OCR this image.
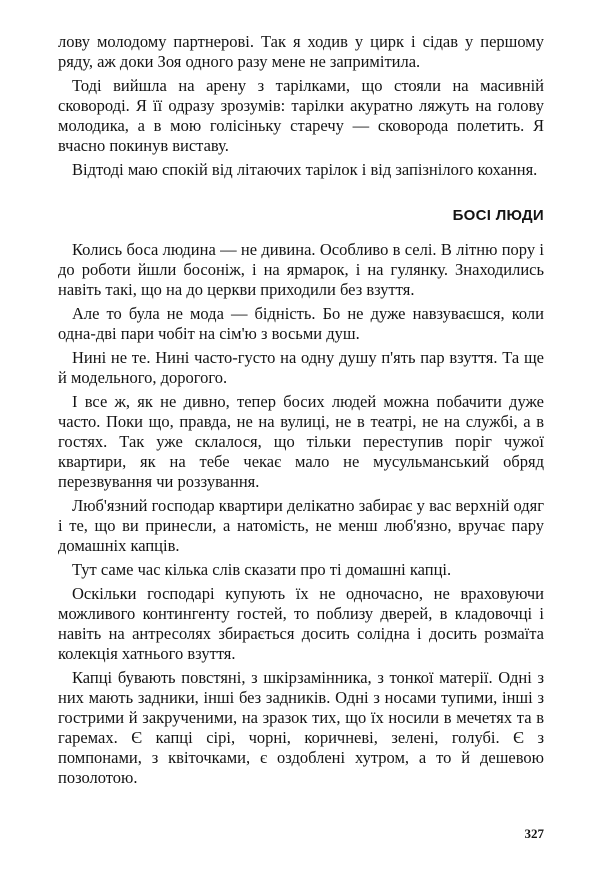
лову молодому партнерові. Так я ходив у цирк і сідав у першому ряду, аж доки Зоя одного разу мене не запримітила.

Тоді вийшла на арену з тарілками, що стояли на масивній сковороді. Я її одразу зрозумів: тарілки акуратно ляжуть на голову молодика, а в мою голісіньку старечу — сковорода полетить. Я вчасно покинув виставу.

Відтоді маю спокій від літаючих тарілок і від запізнілого кохання.

БОСІ ЛЮДИ

Колись боса людина — не дивина. Особливо в селі. В літню пору і до роботи йшли босоніж, і на ярмарок, і на гулянку. Знаходились навіть такі, що на до церкви приходили без взуття.

Але то була не мода — бідність. Бо не дуже навзуваєшся, коли одна-дві пари чобіт на сім'ю з восьми душ.

Нині не те. Нині часто-густо на одну душу п'ять пар взуття. Та ще й модельного, дорогого.

І все ж, як не дивно, тепер босих людей можна побачити дуже часто. Поки що, правда, не на вулиці, не в театрі, не на службі, а в гостях. Так уже склалося, що тільки переступив поріг чужої квартири, як на тебе чекає мало не мусульманський обряд перезвування чи роззування.

Люб'язний господар квартири делікатно забирає у вас верхній одяг і те, що ви принесли, а натомість, не менш люб'язно, вручає пару домашніх капців.

Тут саме час кілька слів сказати про ті домашні капці.

Оскільки господарі купують їх не одночасно, не враховуючи можливого контингенту гостей, то поблизу дверей, в кладовочці і навіть на антресолях збирається досить солідна і досить розмаїта колекція хатнього взуття.

Капці бувають повстяні, з шкірзамінника, з тонкої матерії. Одні з них мають задники, інші без задників. Одні з носами тупими, інші з гострими й закрученими, на зразок тих, що їх носили в мечетях та в гаремах. Є капці сірі, чорні, коричневі, зелені, голубі. Є з помпонами, з квіточками, є оздоблені хутром, а то й дешевою позолотою.

327
